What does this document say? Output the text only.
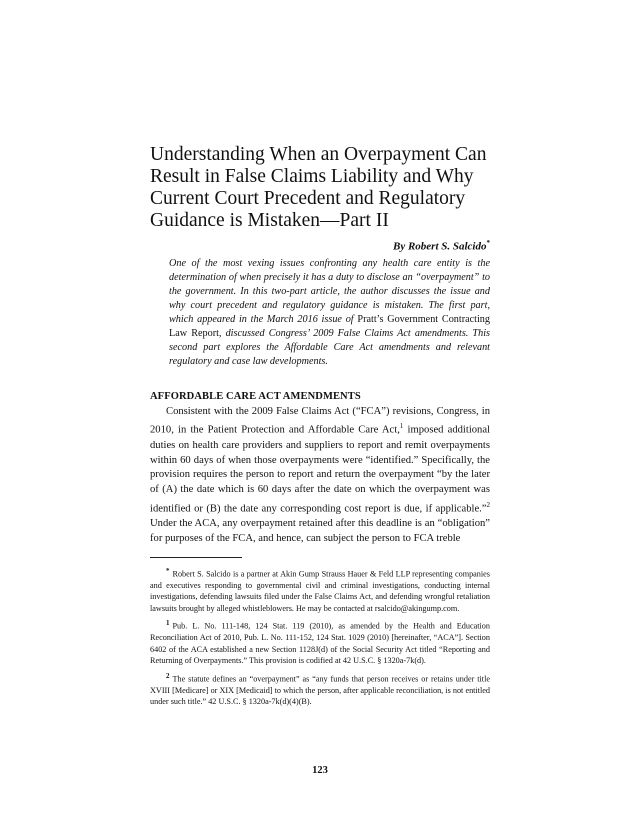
Understanding When an Overpayment Can Result in False Claims Liability and Why Current Court Precedent and Regulatory Guidance is Mistaken—Part II
By Robert S. Salcido*

One of the most vexing issues confronting any health care entity is the determination of when precisely it has a duty to disclose an “overpayment” to the government. In this two-part article, the author discusses the issue and why court precedent and regulatory guidance is mistaken. The first part, which appeared in the March 2016 issue of Pratt’s Government Contracting Law Report, discussed Congress’ 2009 False Claims Act amendments. This second part explores the Affordable Care Act amendments and relevant regulatory and case law developments.

AFFORDABLE CARE ACT AMENDMENTS

Consistent with the 2009 False Claims Act (“FCA”) revisions, Congress, in 2010, in the Patient Protection and Affordable Care Act,$^1$ imposed additional duties on health care providers and suppliers to report and remit overpayments within 60 days of when those overpayments were “identified.” Specifically, the provision requires the person to report and return the overpayment “by the later of (A) the date which is 60 days after the date on which the overpayment was identified or (B) the date any corresponding cost report is due, if applicable.”$^2$ Under the ACA, any overpayment retained after this deadline is an “obligation” for purposes of the FCA, and hence, can subject the person to FCA treble

* Robert S. Salcido is a partner at Akin Gump Strauss Hauer & Feld LLP representing companies and executives responding to governmental civil and criminal investigations, conducting internal investigations, defending lawsuits filed under the False Claims Act, and defending wrongful retaliation lawsuits brought by alleged whistleblowers. He may be contacted at rsalcido@akingump.com.

$^1$ Pub. L. No. 111-148, 124 Stat. 119 (2010), as amended by the Health and Education Reconciliation Act of 2010, Pub. L. No. 111-152, 124 Stat. 1029 (2010) [hereinafter, “ACA”]. Section 6402 of the ACA established a new Section 1128J(d) of the Social Security Act titled “Reporting and Returning of Overpayments.” This provision is codified at 42 U.S.C. § 1320a-7k(d).

$^2$ The statute defines an “overpayment” as “any funds that person receives or retains under title XVIII [Medicare] or XIX [Medicaid] to which the person, after applicable reconciliation, is not entitled under such title.” 42 U.S.C. § 1320a-7k(d)(4)(B).

123
